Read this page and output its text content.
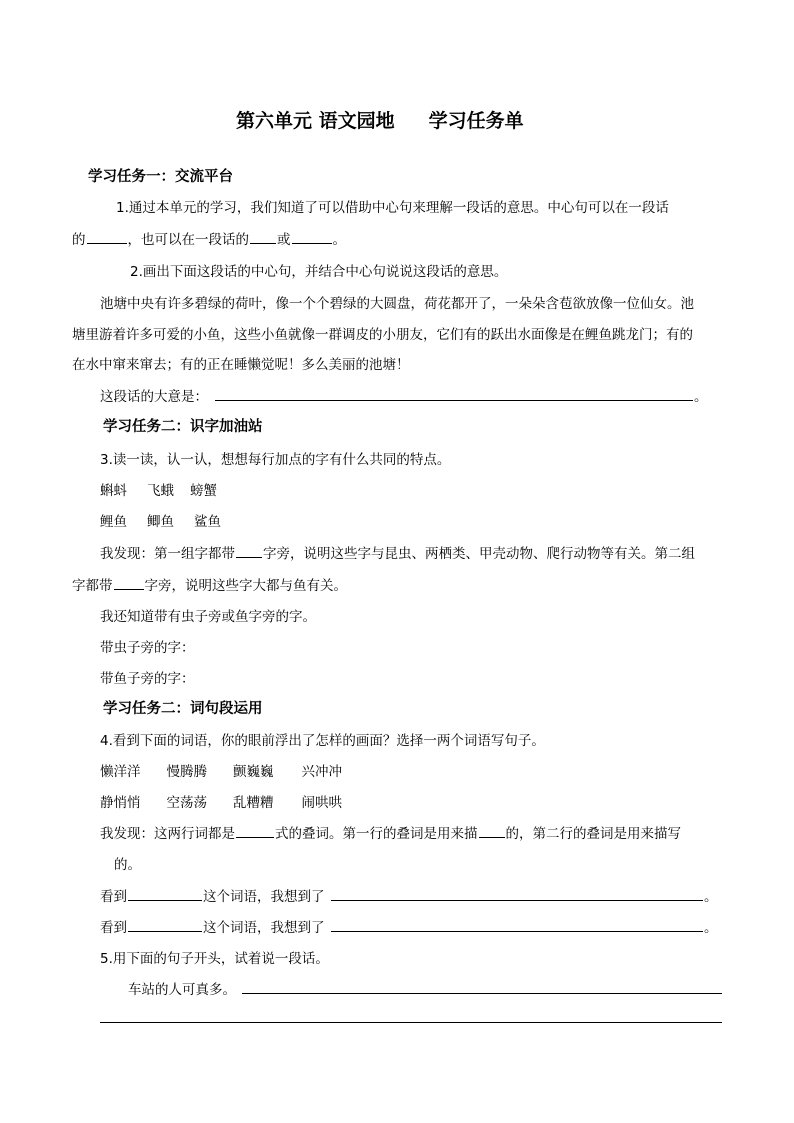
第六单元 语文园地 学习任务单
学习任务一：交流平台
1.通过本单元的学习，我们知道了可以借助中心句来理解一段话的意思。中心句可以在一段话
的	，也可以在一段话的 或	。
2.画出下面这段话的中心句，并结合中心句说说这段话的意思。
池塘中央有许多碧绿的荷叶，像一个个碧绿的大圆盘，荷花都开了，一朵朵含苞欲放像一位仙女。池
塘里游着许多可爱的小鱼，这些小鱼就像一群调皮的小朋友，它们有的跃出水面像是在鲤鱼跳龙门；有的
在水中窜来窜去；有的正在睡懒觉呢！多么美丽的池塘！
这段话的大意是：	。
学习任务二：识字加油站
3.读一读，认一认，想想每行加点的字有什么共同的特点。
蝌蚪 飞蛾 螃蟹
鲤鱼 鲫鱼 鲨鱼
我发现：第一组字都带 字旁，说明这些字与昆虫、两栖类、甲壳动物、爬行动物等有关。第二组
字都带 字旁，说明这些字大都与鱼有关。
我还知道带有虫子旁或鱼字旁的字。
带虫子旁的字：
带鱼子旁的字：
学习任务二：词句段运用
4.看到下面的词语，你的眼前浮出了怎样的画面？选择一两个词语写句子。
懒洋洋 慢腾腾 颤巍巍 兴冲冲
静悄悄 空荡荡 乱糟糟 闹哄哄
我发现：这两行词都是	式的叠词。第一行的叠词是用来描 的，第二行的叠词是用来描写
的。
看到	这个词语，我想到了	。
看到	这个词语，我想到了	。
5.用下面的句子开头，试着说一段话。
车站的人可真多。
